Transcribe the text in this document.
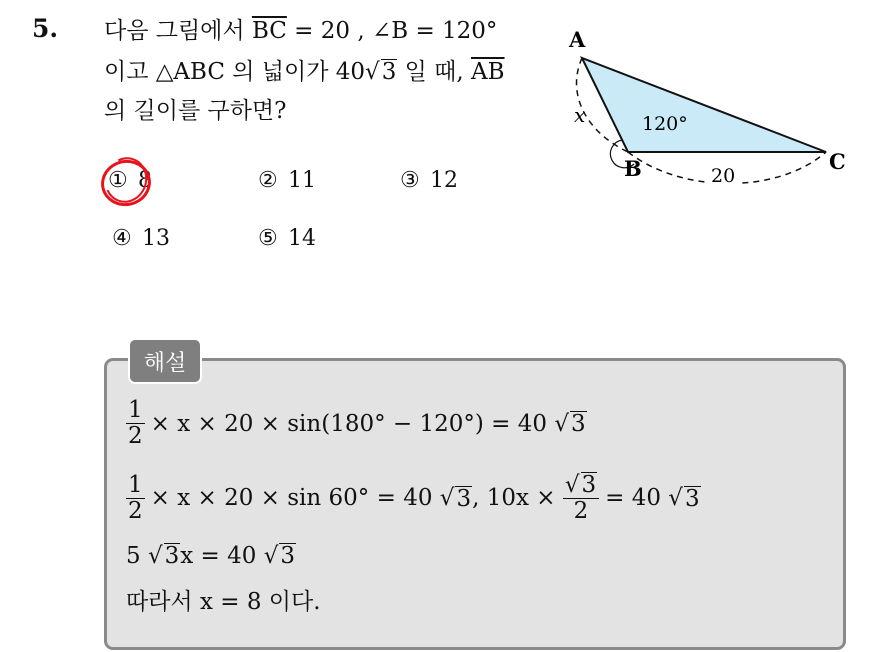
5. 다음 그림에서 $\overline{BC} = 20$ , ∠B = 120°
이고 △ABC 의 넓이가 40√3 일 때, $\overline{AB}$
의 길이를 구하면?
① 8	② 11	③ 12
④ 13	⑤ 14
A
B	C
x	120°
20
해설
$\frac{1}{2} \times x \times 20 \times \sin(180^\circ - 120^\circ) = 40$ √ 3
$\frac{1}{2} \times x \times 20 \times \sin 60^\circ = 40$ √ 3 , 10x ×
$\frac{√3}{2} = 40$ √ 3
5 √ 3 x = 40 √ 3
따라서 x = 8 이다.
